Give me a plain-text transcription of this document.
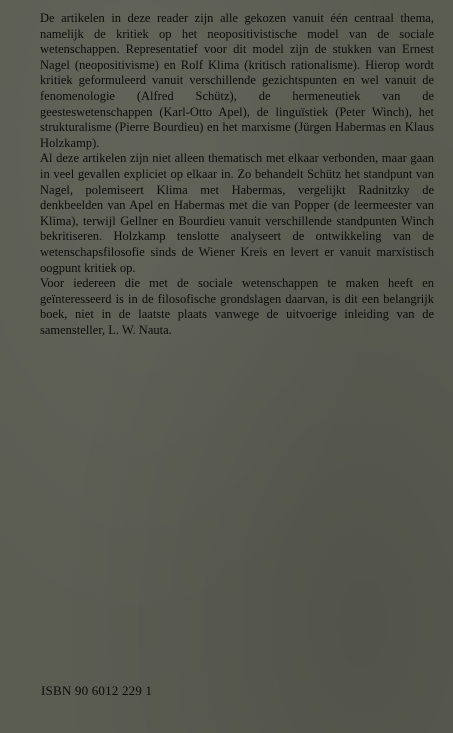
De artikelen in deze reader zijn alle gekozen vanuit één centraal thema, namelijk de kritiek op het neopositivistische model van de sociale wetenschappen. Representatief voor dit model zijn de stukken van Ernest Nagel (neopositivisme) en Rolf Klima (kritisch rationalisme). Hierop wordt kritiek geformuleerd vanuit verschillende gezichtspunten en wel vanuit de fenomenologie (Alfred Schütz), de hermeneutiek van de geesteswetenschappen (Karl-Otto Apel), de linguïstiek (Peter Winch), het strukturalisme (Pierre Bourdieu) en het marxisme (Jürgen Habermas en Klaus Holzkamp).

Al deze artikelen zijn niet alleen thematisch met elkaar verbonden, maar gaan in veel gevallen expliciet op elkaar in. Zo behandelt Schütz het standpunt van Nagel, polemiseert Klima met Habermas, vergelijkt Radnitzky de denkbeelden van Apel en Habermas met die van Popper (de leermeester van Klima), terwijl Gellner en Bourdieu vanuit verschillende standpunten Winch bekritiseren. Holzkamp tenslotte analyseert de ontwikkeling van de wetenschapsfilosofie sinds de Wiener Kreis en levert er vanuit marxistisch oogpunt kritiek op.

Voor iedereen die met de sociale wetenschappen te maken heeft en geïnteresseerd is in de filosofische grondslagen daarvan, is dit een belangrijk boek, niet in de laatste plaats vanwege de uitvoerige inleiding van de samensteller, L. W. Nauta.

ISBN 90 6012 229 1
